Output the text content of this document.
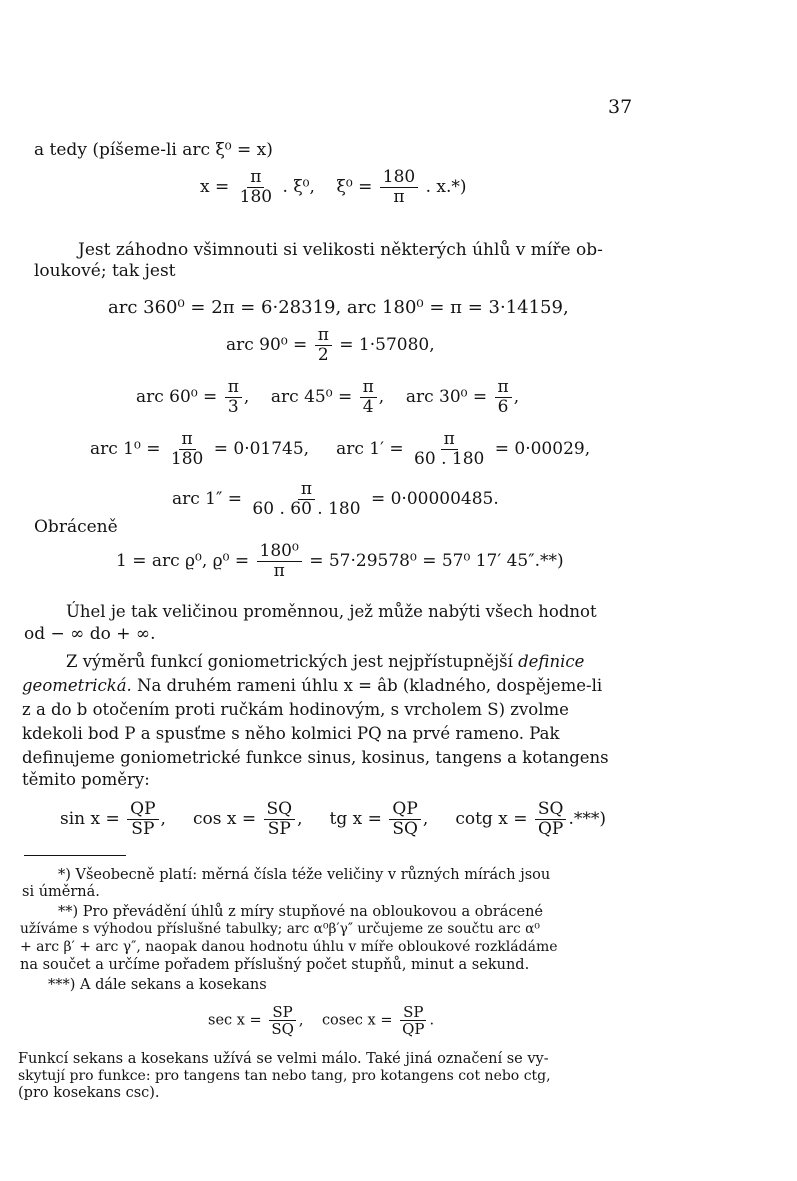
37
a tedy (píšeme-li arc ξ⁰ = x)
$x = \frac{\pi}{180}$ . ξ⁰, $\xi^0 = \frac{180}{\pi}$ . x.*)
Jest záhodno všimnouti si velikosti některých úhlů v míře ob-
loukové; tak jest
arc 360⁰ = 2π = 6·28319, arc 180⁰ = π = 3·14159,
arc $90^0 = \frac{\pi}{2} = 1\cdot 57080$,
arc $60^0 = \frac{\pi}{3}$ ,    arc $45^0 = \frac{\pi}{4}$ ,    arc $30^0 = \frac{\pi}{6}$ ,
arc $1^0 = \frac{\pi}{180} = 0\cdot 01745$, arc $1' = \frac{\pi}{60 . 180} = 0\cdot 00029$,
arc $1'' = \frac{\pi}{60 . 60 . 180} = 0\cdot 00000485$.
Obráceně
1 = arc ϱ⁰, $ϱ^0 = \frac{\text{180⁰}}{\pi} = 57\cdot 29578^0 = 57^0$ 17′ 45″.**)
Úhel je tak veličinou proměnnou, jež může nabýti všech hodnot
od − ∞ do + ∞.
Z výměrů funkcí goniometrických jest nejpřístupnější definice
geometrická. Na druhém rameni úhlu x = âb (kladného, dospějeme-li
z a do b otočením proti ručkám hodinovým, s vrcholem S) zvolme
kdekoli bod P a spusťme s něho kolmici PQ na prvé rameno. Pak
definujeme goniometrické funkce sinus, kosinus, tangens a kotangens
těmito poměry:
$\sin x = \frac{QP}{SP}$ ,     $\cos x = \frac{SQ}{SP}$ ,     tg $x = \frac{QP}{SQ}$ ,     cotg $x = \frac{SQ}{QP}$ .***)
*) Všeobecně platí: měrná čísla téže veličiny v různých mírách jsou
si úměrná.
**) Pro převádění úhlů z míry stupňové na obloukovou a obrácené
užíváme s výhodou příslušné tabulky; arc α⁰β′γ″ určujeme ze součtu arc α⁰
+ arc β′ + arc γ″, naopak danou hodnotu úhlu v míře obloukové rozkládáme
na součet a určíme pořadem příslušný počet stupňů, minut a sekund.
***) A dále sekans a kosekans
$\sec x = \frac{SP}{SQ}$ ,    cosec $x = \frac{SP}{QP}$ .
Funkcí sekans a kosekans užívá se velmi málo. Také jiná označení se vy-
skytují pro funkce: pro tangens tan nebo tang, pro kotangens cot nebo ctg,
(pro kosekans csc).
